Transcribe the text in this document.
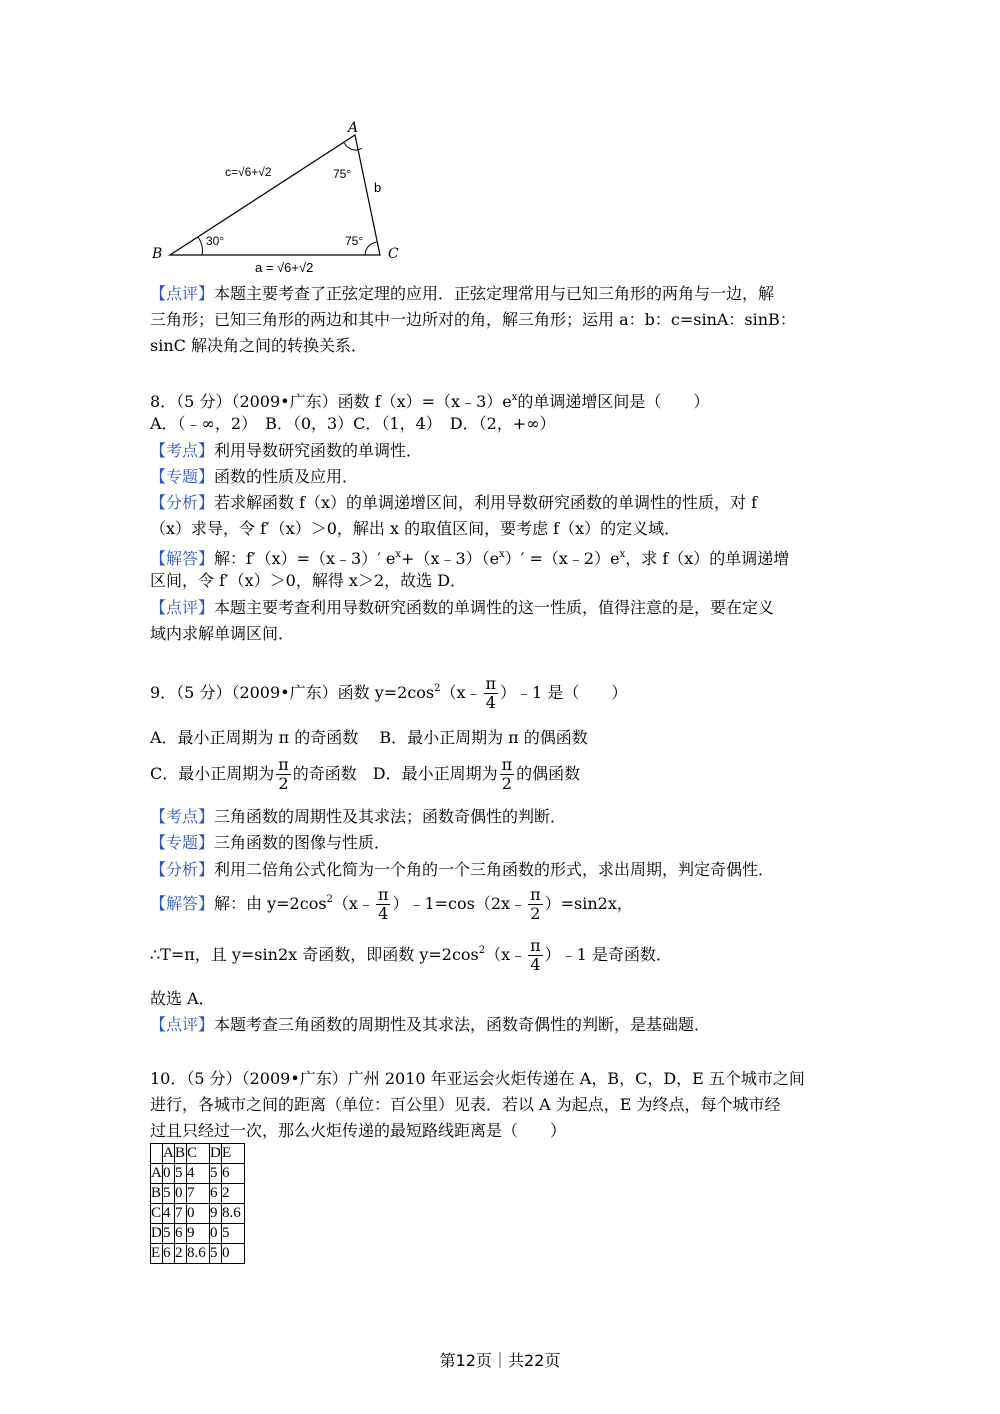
A
B	C
b
c=√6+√2
a = √6+√2
75°
30°	75°
【点评】本题主要考查了正弦定理的应用．正弦定理常用与已知三角形的两角与一边，解
三角形；已知三角形的两边和其中一边所对的角，解三角形；运用 a：b：c=sinA：sinB：
sinC 解决角之间的转换关系．
8．（5 分）（2009•广东）函数 $f(x)=(x﹣3)e^x$的单调递增区间是（　　）
A．（﹣∞，2）　B．（0，3）C．（1，4）　D．（2，+∞）
【考点】利用导数研究函数的单调性．
【专题】函数的性质及应用．
【分析】若求解函数 f（x）的单调递增区间，利用导数研究函数的单调性的性质，对 f
（x）求导，令 f′（x）＞0，解出 x 的取值区间，要考虑 f（x）的定义域．
【解答】解：f′（x）=（x﹣3）′ $e^x+(x﹣3)(e^x)'$ $=(x﹣2)e^x$，求 f（x）的单调递增
区间，令 f′（x）＞0，解得 x＞2，故选 D．
【点评】本题主要考查利用导数研究函数的单调性的这一性质，值得注意的是，要在定义
域内求解单调区间．
9．（5 分）（2009•广东）函数 $y=2\cos^2(x﹣ \frac{\pi}{4}$ ）﹣1 是（　　）
A．最小正周期为 π 的奇函数　 B．最小正周期为 π 的偶函数
C．最小正周期为 $\frac{\pi}{2}$ 的奇函数　D．最小正周期为 $\frac{\pi}{2}$ 的偶函数
【考点】三角函数的周期性及其求法；函数奇偶性的判断．
【专题】三角函数的图像与性质．
【分析】利用二倍角公式化简为一个角的一个三角函数的形式，求出周期，判定奇偶性．
【解答】解：由 $y=2\cos^2(x﹣ \frac{\pi}{4}$ ）﹣1=cos（2x﹣ $\frac{\pi}{2} )=\sin 2x$，
∴T=π，且 y=sin2x 奇函数，即函数 $y=2\cos^2(x﹣ \frac{\pi}{4}$ ）﹣1 是奇函数．
故选 A．
【点评】本题考查三角函数的周期性及其求法，函数奇偶性的判断，是基础题．
10．（5 分）（2009•广东）广州 2010 年亚运会火炬传递在 A，B，C，D，E 五个城市之间
进行，各城市之间的距离（单位：百公里）见表．若以 A 为起点，E 为终点，每个城市经
过且只经过一次，那么火炬传递的最短路线距离是（　　）
	A	B	C	D	E
A	0	5	4	5	6
B	5	0	7	6	2
C	4	7	0	9	8.6
D	5	6	9	0	5
E	6	2	8.6	5	0
第12页｜共22页
